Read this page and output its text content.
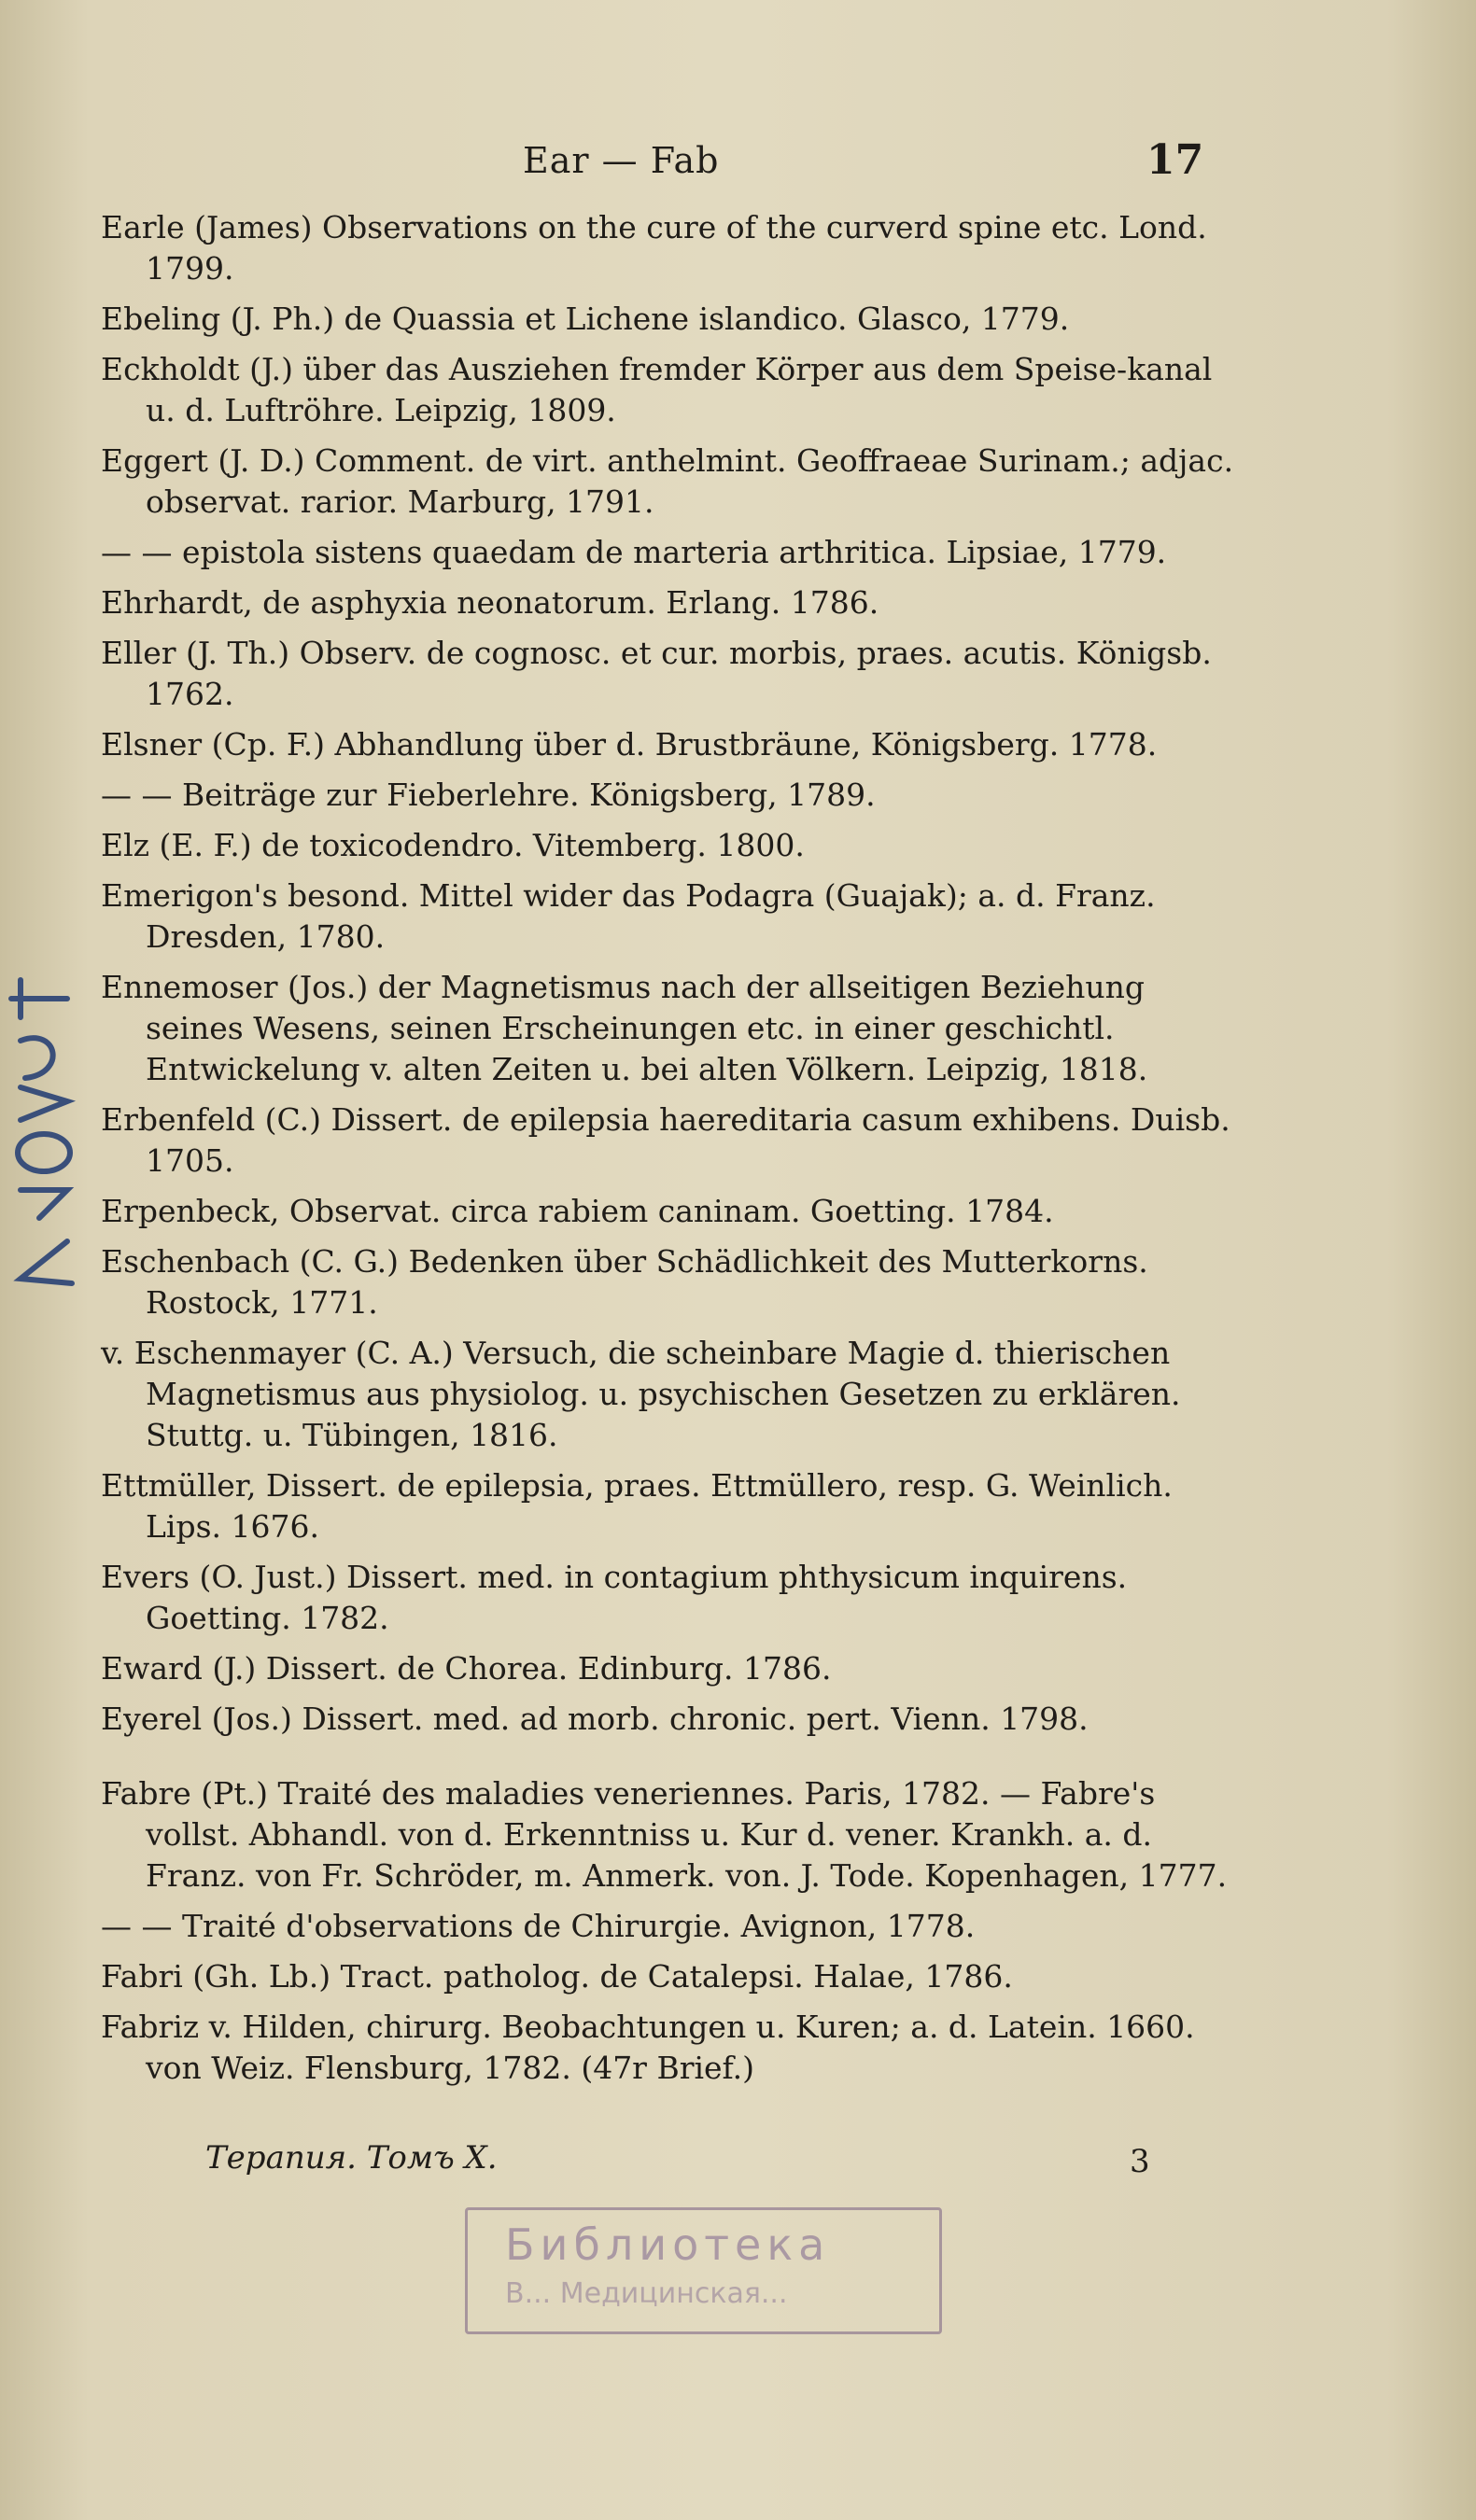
Ear — Fab	17

Earle (James) Observations on the cure of the curverd spine etc. Lond. 1799.

Ebeling (J. Ph.) de Quassia et Lichene islandico. Glasco, 1779.

Eckholdt (J.) über das Ausziehen fremder Körper aus dem Speise-kanal u. d. Luftröhre. Leipzig, 1809.

Eggert (J. D.) Comment. de virt. anthelmint. Geoffraeae Surinam.; adjac. observat. rarior. Marburg, 1791.

— — epistola sistens quaedam de marteria arthritica. Lipsiae, 1779.

Ehrhardt, de asphyxia neonatorum. Erlang. 1786.

Eller (J. Th.) Observ. de cognosc. et cur. morbis, praes. acutis. Königsb. 1762.

Elsner (Cp. F.) Abhandlung über d. Brustbräune, Königsberg. 1778.

— — Beiträge zur Fieberlehre. Königsberg, 1789.

Elz (E. F.) de toxicodendro. Vitemberg. 1800.

Emerigon's besond. Mittel wider das Podagra (Guajak); a. d. Franz. Dresden, 1780.

Ennemoser (Jos.) der Magnetismus nach der allseitigen Beziehung seines Wesens, seinen Erscheinungen etc. in einer geschichtl. Entwickelung v. alten Zeiten u. bei alten Völkern. Leipzig, 1818.

Erbenfeld (C.) Dissert. de epilepsia haereditaria casum exhibens. Duisb. 1705.

Erpenbeck, Observat. circa rabiem caninam. Goetting. 1784.

Eschenbach (C. G.) Bedenken über Schädlichkeit des Mutterkorns. Rostock, 1771.

v. Eschenmayer (C. A.) Versuch, die scheinbare Magie d. thierischen Magnetismus aus physiolog. u. psychischen Gesetzen zu erklären. Stuttg. u. Tübingen, 1816.

Ettmüller, Dissert. de epilepsia, praes. Ettmüllero, resp. G. Weinlich. Lips. 1676.

Evers (O. Just.) Dissert. med. in contagium phthysicum inquirens. Goetting. 1782.

Eward (J.) Dissert. de Chorea. Edinburg. 1786.

Eyerel (Jos.) Dissert. med. ad morb. chronic. pert. Vienn. 1798.

Fabre (Pt.) Traité des maladies veneriennes. Paris, 1782. — Fabre's vollst. Abhandl. von d. Erkenntniss u. Kur d. vener. Krankh. a. d. Franz. von Fr. Schröder, m. Anmerk. von. J. Tode. Kopenhagen, 1777.

— — Traité d'observations de Chirurgie. Avignon, 1778.

Fabri (Gh. Lb.) Tract. patholog. de Catalepsi. Halae, 1786.

Fabriz v. Hilden, chirurg. Beobachtungen u. Kuren; a. d. Latein. 1660. von Weiz. Flensburg, 1782. (47r Brief.)

Терапия. Томъ X.	3
Библиотека
В... Медицинская...
